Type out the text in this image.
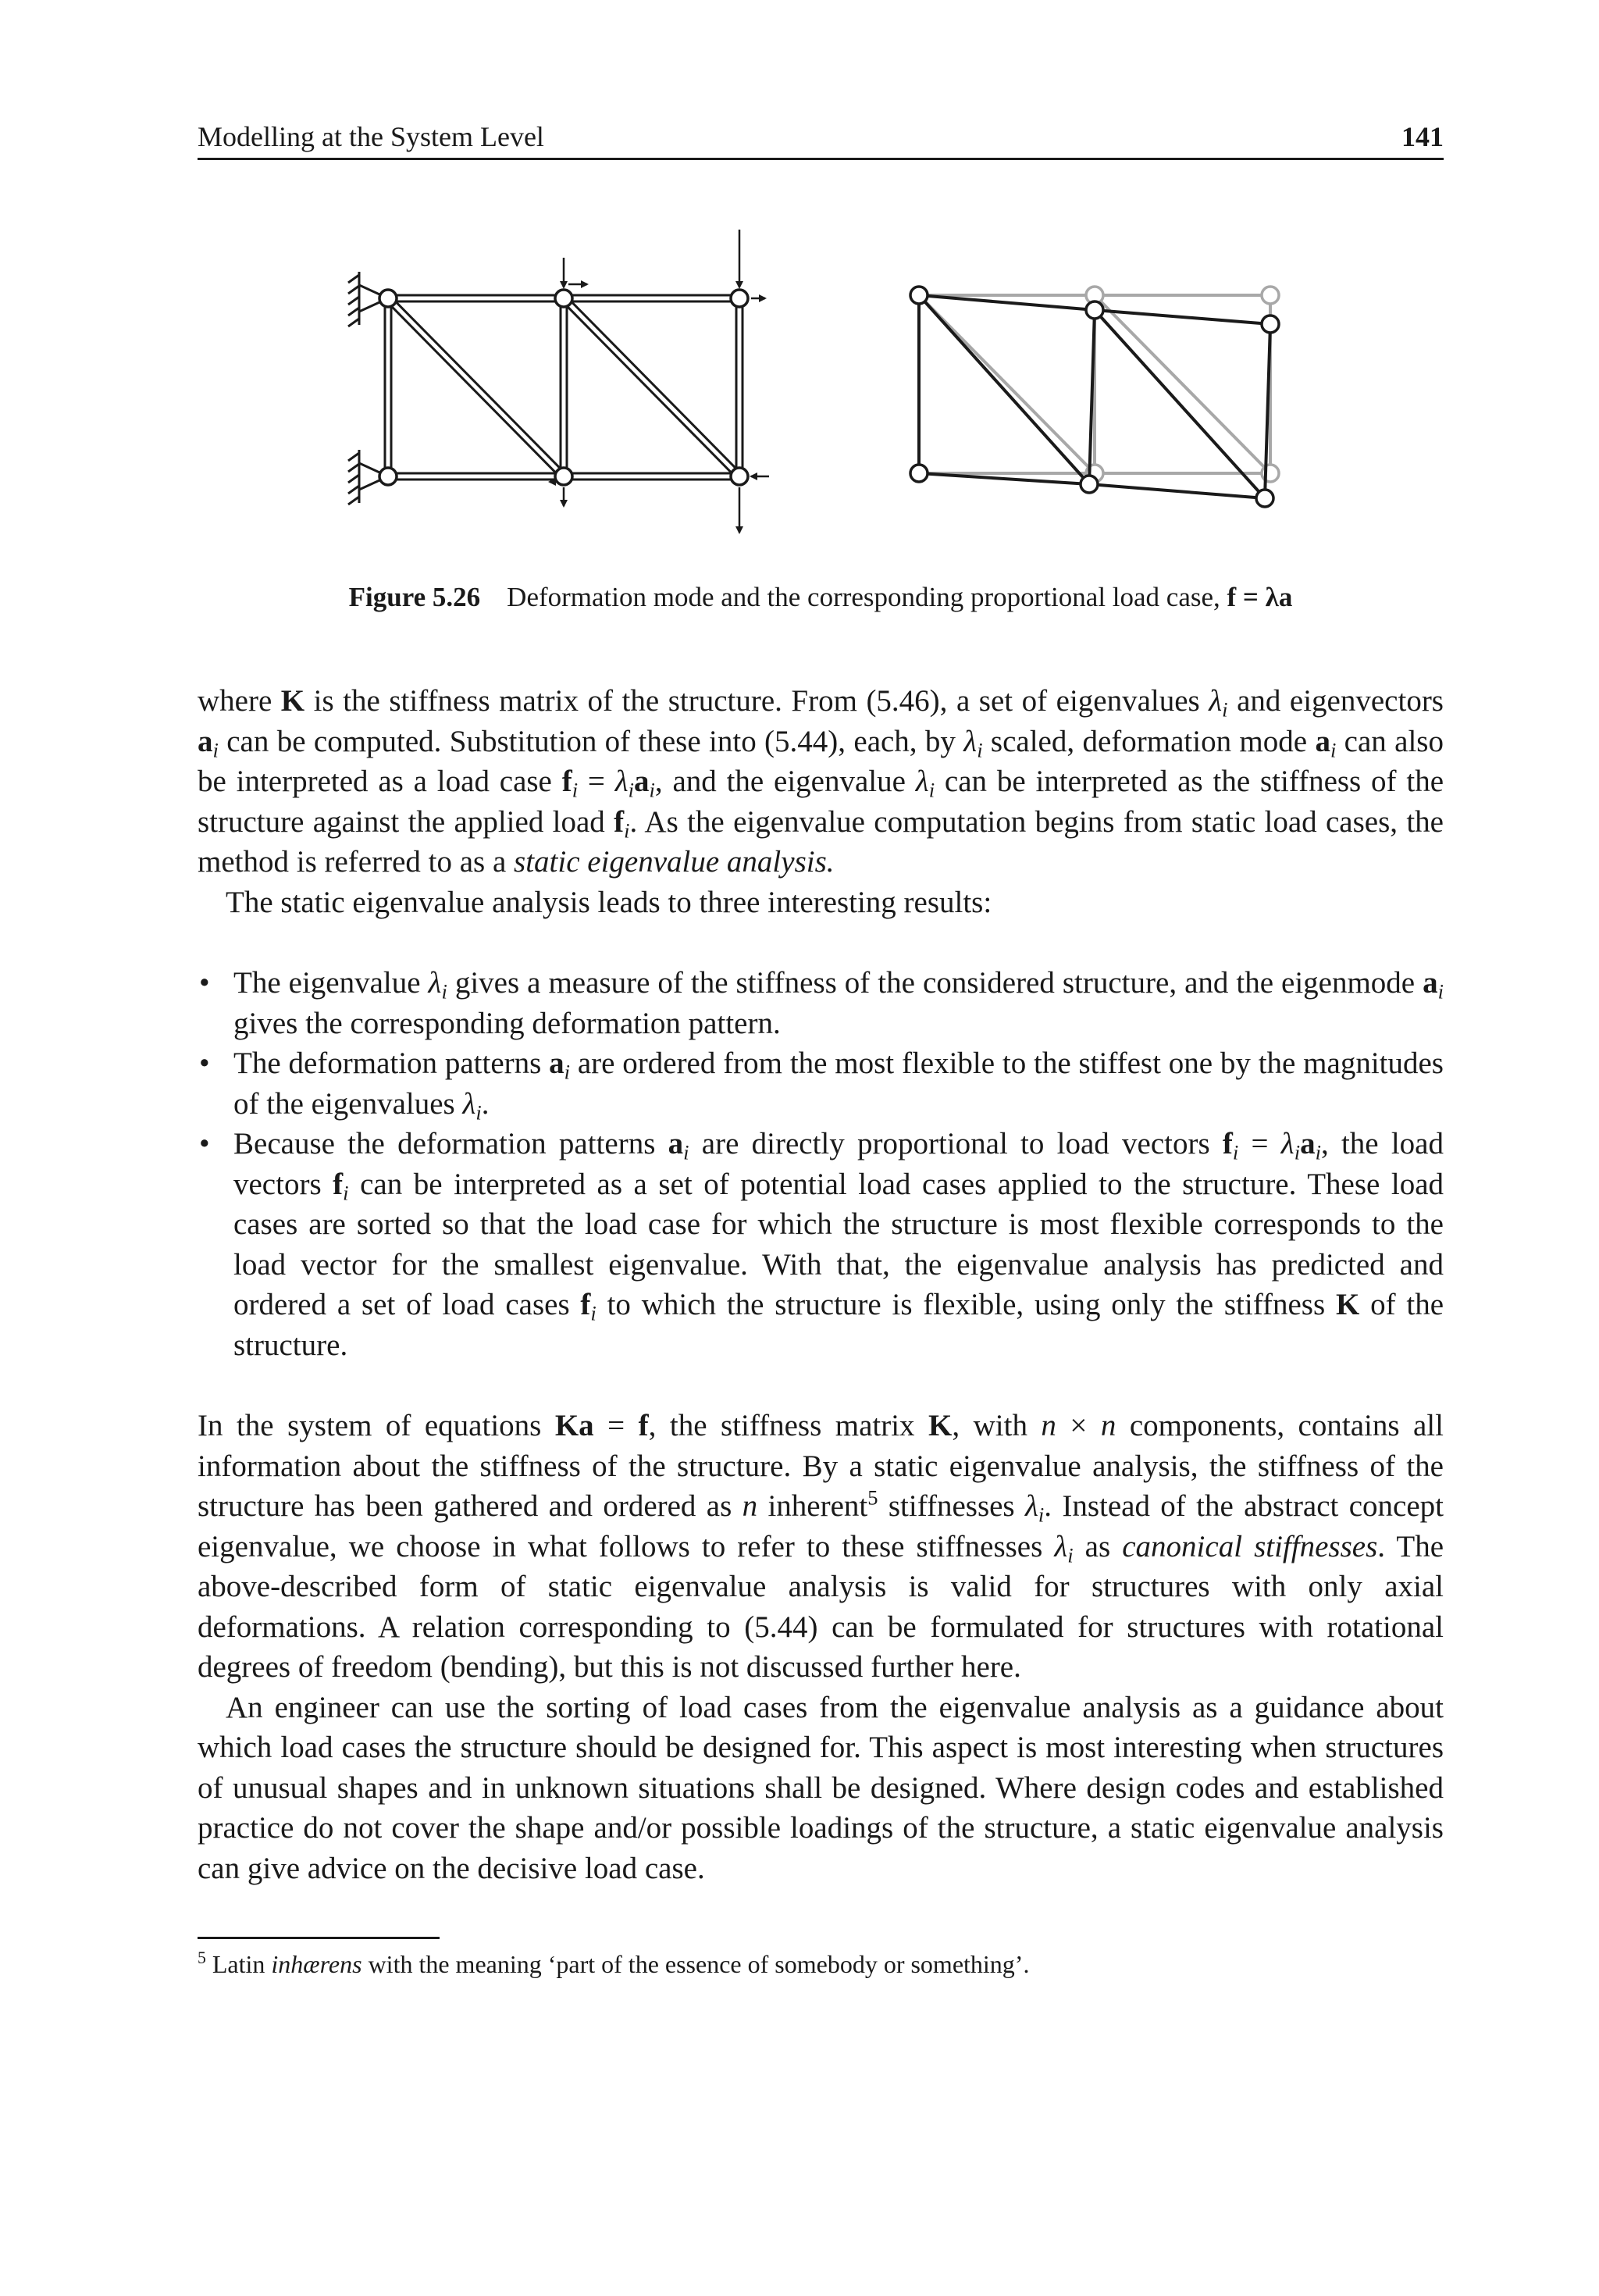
Modelling at the System Level	141
Figure 5.26 Deformation mode and the corresponding proportional load case, f = λa

where K is the stiffness matrix of the structure. From (5.46), a set of eigenvalues $\lambda_i$ and eigenvectors $a_i$ can be computed. Substitution of these into (5.44), each, by $\lambda_i$ scaled, deformation mode $a_i$ can also be interpreted as a load case $f_i = \lambda_ia_i$, and the eigenvalue $\lambda_i$ can be interpreted as the stiffness of the structure against the applied load $f_i$. As the eigenvalue computation begins from static load cases, the method is referred to as a static eigenvalue analysis.

The static eigenvalue analysis leads to three interesting results:

• The eigenvalue $\lambda_i$ gives a measure of the stiffness of the considered structure, and the eigenmode $a_i$ gives the corresponding deformation pattern.
• The deformation patterns $a_i$ are ordered from the most flexible to the stiffest one by the magnitudes of the eigenvalues $\lambda_i$.
• Because the deformation patterns $a_i$ are directly proportional to load vectors $f_i = \lambda_ia_i$, the load vectors $f_i$ can be interpreted as a set of potential load cases applied to the structure. These load cases are sorted so that the load case for which the structure is most flexible corresponds to the load vector for the smallest eigenvalue. With that, the eigenvalue analysis has predicted and ordered a set of load cases $f_i$ to which the structure is flexible, using only the stiffness K of the structure.

In the system of equations Ka = f, the stiffness matrix K, with n × n components, contains all information about the stiffness of the structure. By a static eigenvalue analysis, the stiffness of the structure has been gathered and ordered as n inherent$^5$ stiffnesses $\lambda_i$. Instead of the abstract concept eigenvalue, we choose in what follows to refer to these stiffnesses $\lambda_i$ as canonical stiffnesses. The above-described form of static eigenvalue analysis is valid for structures with only axial deformations. A relation corresponding to (5.44) can be formulated for structures with rotational degrees of freedom (bending), but this is not discussed further here.

An engineer can use the sorting of load cases from the eigenvalue analysis as a guidance about which load cases the structure should be designed for. This aspect is most interesting when structures of unusual shapes and in unknown situations shall be designed. Where design codes and established practice do not cover the shape and/or possible loadings of the structure, a static eigenvalue analysis can give advice on the decisive load case.

$^5$ Latin inhærens with the meaning ‘part of the essence of somebody or something’.
